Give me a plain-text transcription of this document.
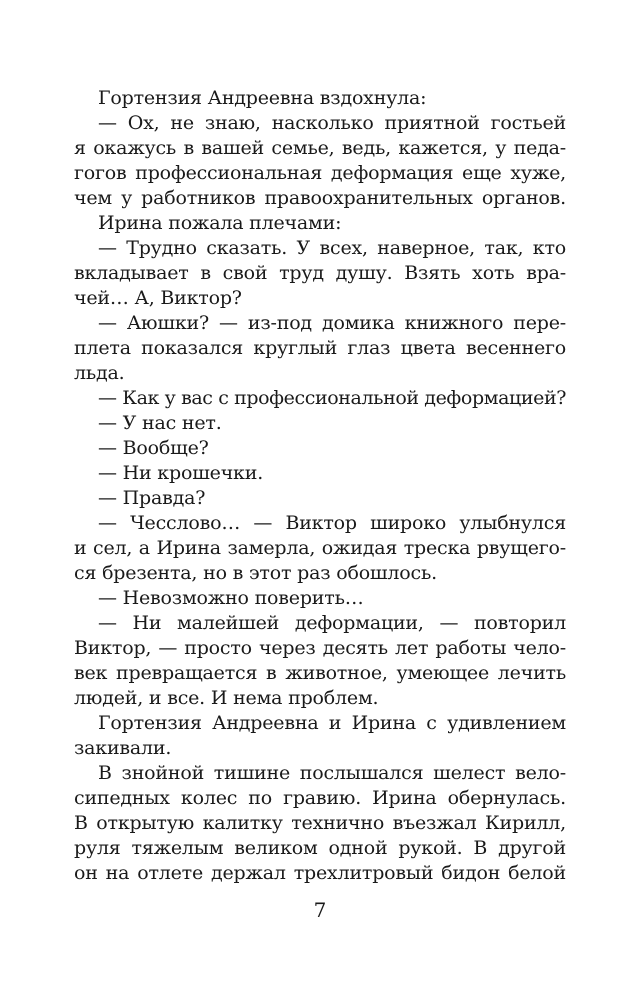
Гортензия Андреевна вздохнула:
— Ох, не знаю, насколько приятной гостьей
я окажусь в вашей семье, ведь, кажется, у педа-
гогов профессиональная деформация еще хуже,
чем у работников правоохранительных органов.
Ирина пожала плечами:
— Трудно сказать. У всех, наверное, так, кто
вкладывает в свой труд душу. Взять хоть вра-
чей… А, Виктор?
— Аюшки? — из-под домика книжного пере-
плета показался круглый глаз цвета весеннего
льда.
— Как у вас с профессиональной деформацией?
— У нас нет.
— Вообще?
— Ни крошечки.
— Правда?
— Чесслово… — Виктор широко улыбнулся
и сел, а Ирина замерла, ожидая треска рвущего-
ся брезента, но в этот раз обошлось.
— Невозможно поверить…
— Ни малейшей деформации, — повторил
Виктор, — просто через десять лет работы чело-
век превращается в животное, умеющее лечить
людей, и все. И нема проблем.
Гортензия Андреевна и Ирина с удивлением
закивали.
В знойной тишине послышался шелест вело-
сипедных колес по гравию. Ирина обернулась.
В открытую калитку технично въезжал Кирилл,
руля тяжелым великом одной рукой. В другой
он на отлете держал трехлитровый бидон белой
7
